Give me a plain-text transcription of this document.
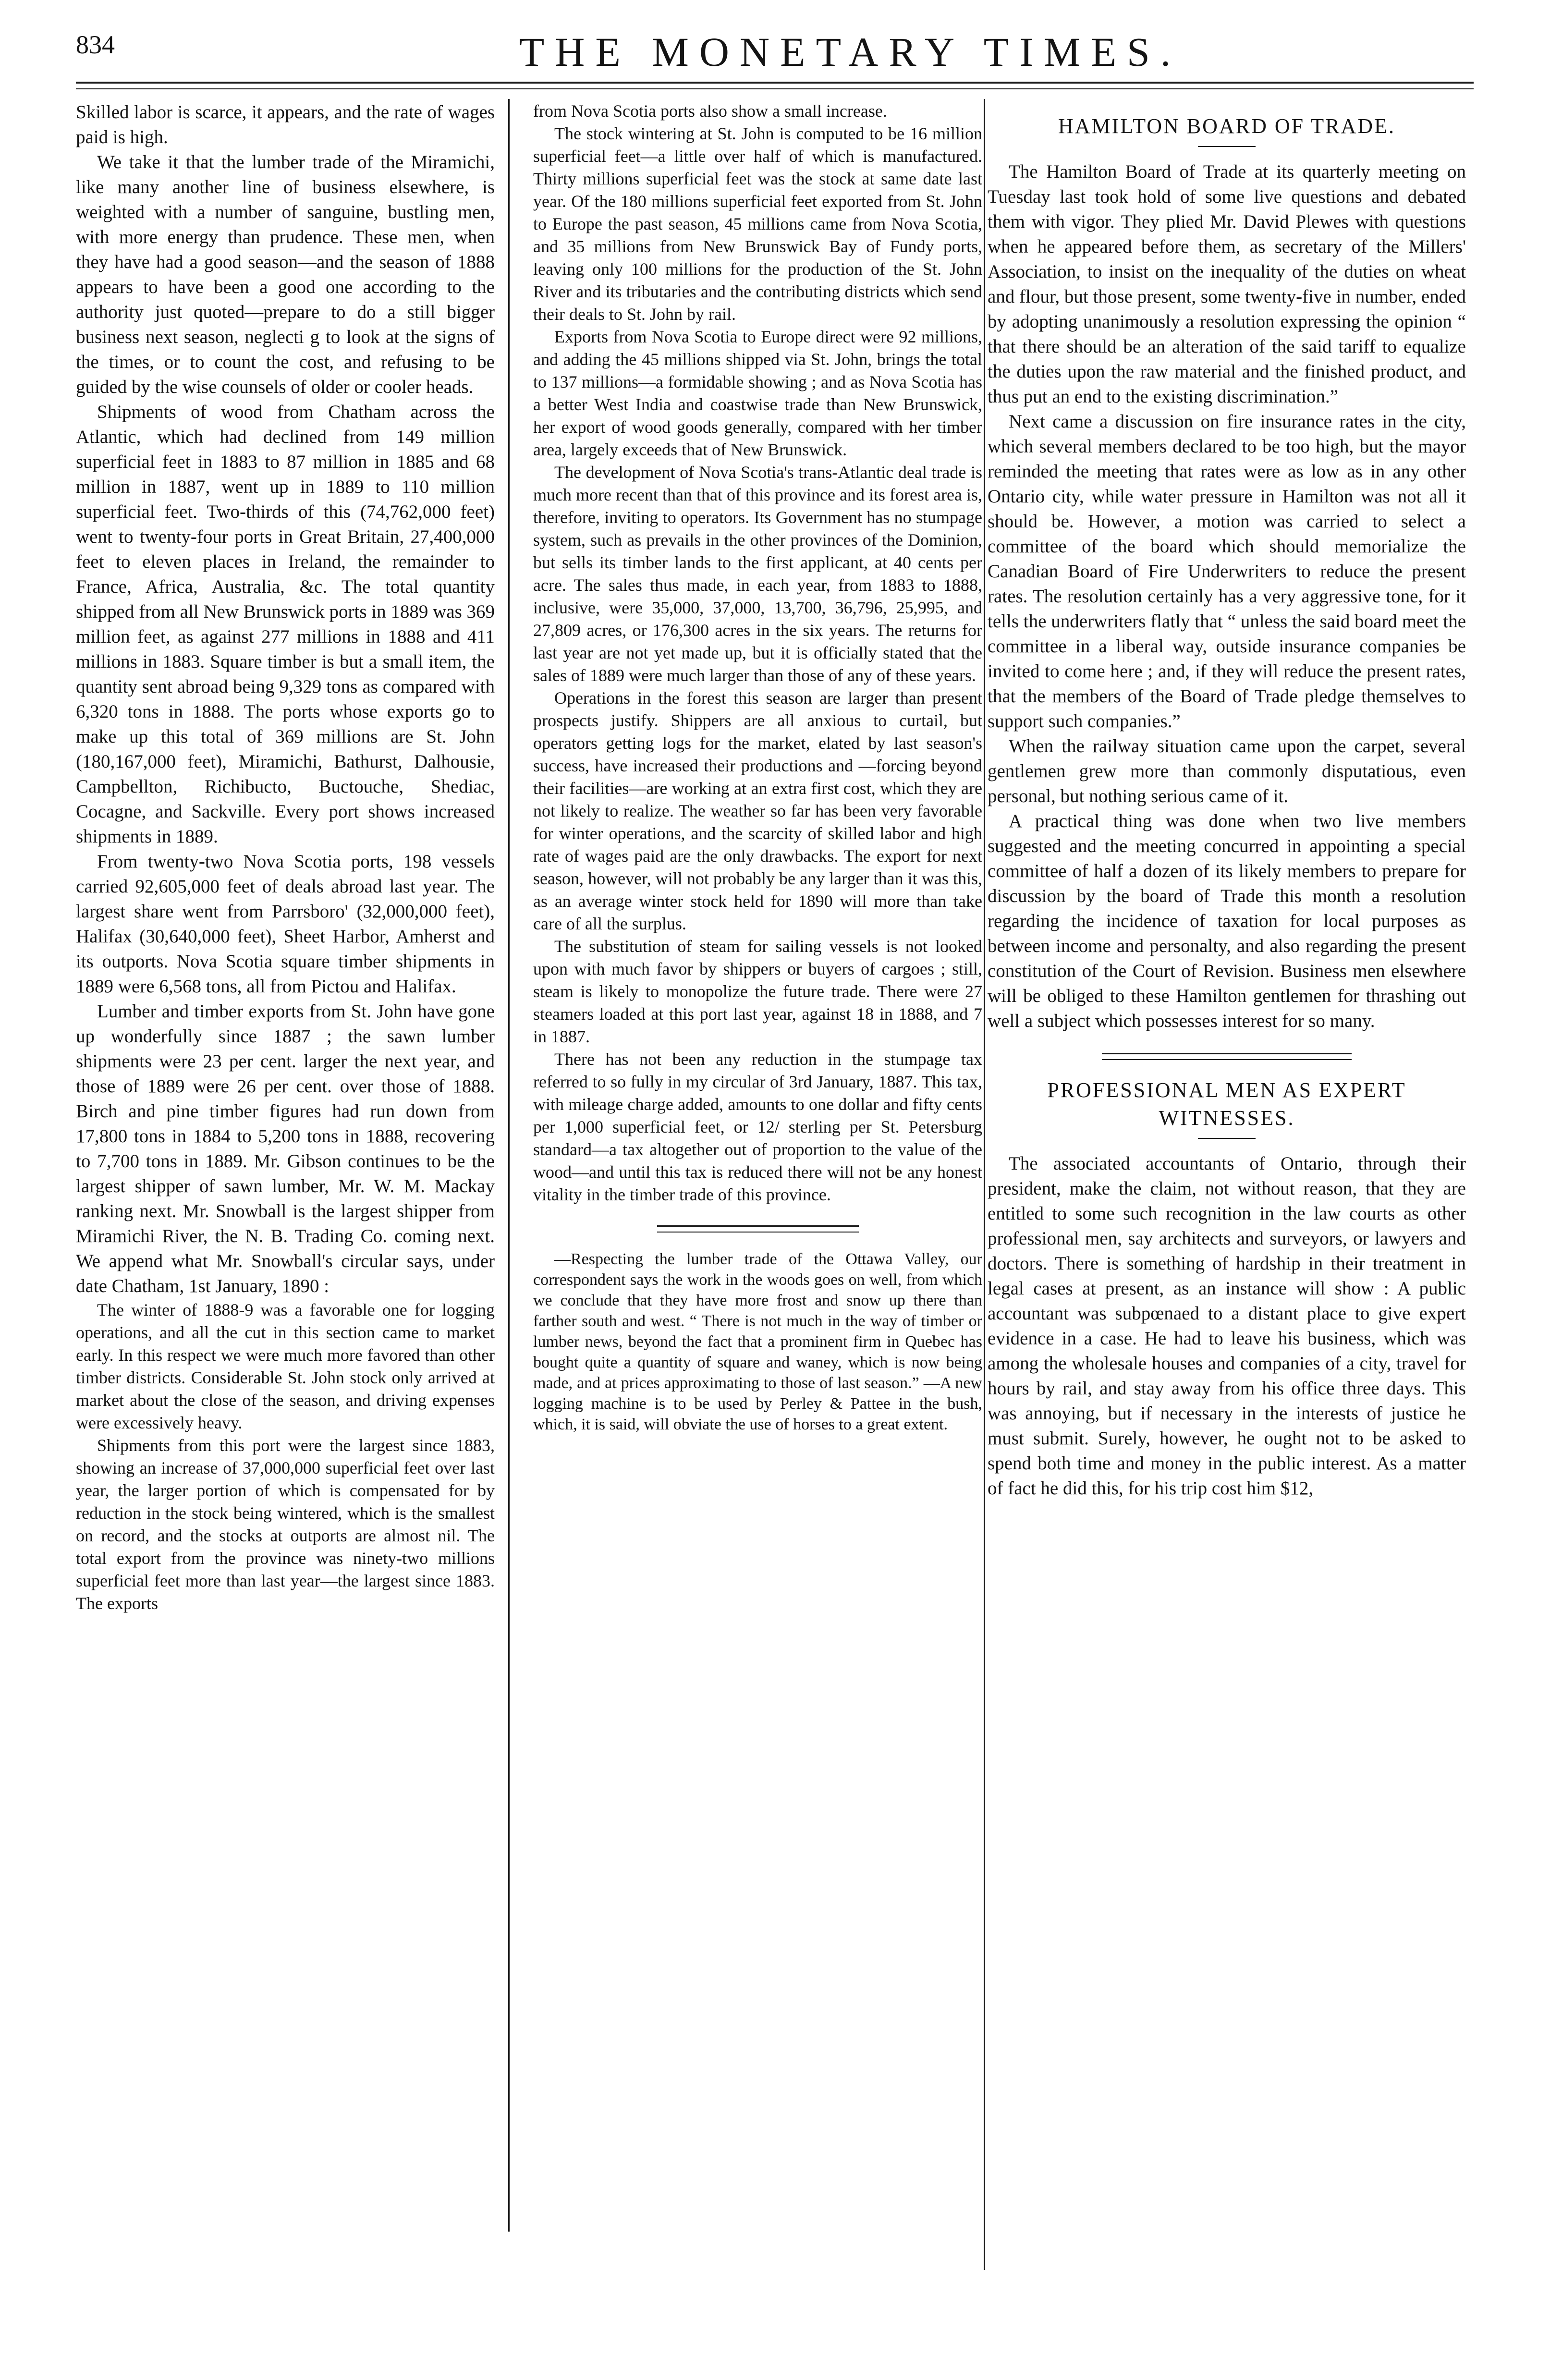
834	THE MONETARY TIMES.

Skilled labor is scarce, it appears, and the rate of wages paid is high.

We take it that the lumber trade of the Miramichi, like many another line of business elsewhere, is weighted with a number of sanguine, bustling men, with more energy than prudence. These men, when they have had a good season—and the season of 1888 appears to have been a good one according to the authority just quoted—prepare to do a still bigger business next season, neglecti g to look at the signs of the times, or to count the cost, and refusing to be guided by the wise counsels of older or cooler heads.

Shipments of wood from Chatham across the Atlantic, which had declined from 149 million superficial feet in 1883 to 87 million in 1885 and 68 million in 1887, went up in 1889 to 110 million superficial feet. Two-thirds of this (74,762,000 feet) went to twenty-four ports in Great Britain, 27,400,000 feet to eleven places in Ireland, the remainder to France, Africa, Australia, &c. The total quantity shipped from all New Brunswick ports in 1889 was 369 million feet, as against 277 millions in 1888 and 411 millions in 1883. Square timber is but a small item, the quantity sent abroad being 9,329 tons as compared with 6,320 tons in 1888. The ports whose exports go to make up this total of 369 millions are St. John (180,167,000 feet), Miramichi, Bathurst, Dalhousie, Campbellton, Richibucto, Buctouche, Shediac, Cocagne, and Sackville. Every port shows increased shipments in 1889.

From twenty-two Nova Scotia ports, 198 vessels carried 92,605,000 feet of deals abroad last year. The largest share went from Parrsboro' (32,000,000 feet), Halifax (30,640,000 feet), Sheet Harbor, Amherst and its outports. Nova Scotia square timber shipments in 1889 were 6,568 tons, all from Pictou and Halifax.

Lumber and timber exports from St. John have gone up wonderfully since 1887 ; the sawn lumber shipments were 23 per cent. larger the next year, and those of 1889 were 26 per cent. over those of 1888. Birch and pine timber figures had run down from 17,800 tons in 1884 to 5,200 tons in 1888, recovering to 7,700 tons in 1889. Mr. Gibson continues to be the largest shipper of sawn lumber, Mr. W. M. Mackay ranking next. Mr. Snowball is the largest shipper from Miramichi River, the N. B. Trading Co. coming next. We append what Mr. Snowball's circular says, under date Chatham, 1st January, 1890 :

The winter of 1888-9 was a favorable one for logging operations, and all the cut in this section came to market early. In this respect we were much more favored than other timber districts. Considerable St. John stock only arrived at market about the close of the season, and driving expenses were excessively heavy.

Shipments from this port were the largest since 1883, showing an increase of 37,000,000 superficial feet over last year, the larger portion of which is compensated for by reduction in the stock being wintered, which is the smallest on record, and the stocks at outports are almost nil. The total export from the province was ninety-two millions superficial feet more than last year—the largest since 1883. The exports

from Nova Scotia ports also show a small increase.

The stock wintering at St. John is computed to be 16 million superficial feet—a little over half of which is manufactured. Thirty millions superficial feet was the stock at same date last year. Of the 180 millions superficial feet exported from St. John to Europe the past season, 45 millions came from Nova Scotia, and 35 millions from New Brunswick Bay of Fundy ports, leaving only 100 millions for the production of the St. John River and its tributaries and the contributing districts which send their deals to St. John by rail.

Exports from Nova Scotia to Europe direct were 92 millions, and adding the 45 millions shipped via St. John, brings the total to 137 millions—a formidable showing ; and as Nova Scotia has a better West India and coastwise trade than New Brunswick, her export of wood goods generally, compared with her timber area, largely exceeds that of New Brunswick.

The development of Nova Scotia's trans-Atlantic deal trade is much more recent than that of this province and its forest area is, therefore, inviting to operators. Its Government has no stumpage system, such as prevails in the other provinces of the Dominion, but sells its timber lands to the first applicant, at 40 cents per acre. The sales thus made, in each year, from 1883 to 1888, inclusive, were 35,000, 37,000, 13,700, 36,796, 25,995, and 27,809 acres, or 176,300 acres in the six years. The returns for last year are not yet made up, but it is officially stated that the sales of 1889 were much larger than those of any of these years.

Operations in the forest this season are larger than present prospects justify. Shippers are all anxious to curtail, but operators getting logs for the market, elated by last season's success, have increased their productions and —forcing beyond their facilities—are working at an extra first cost, which they are not likely to realize. The weather so far has been very favorable for winter operations, and the scarcity of skilled labor and high rate of wages paid are the only drawbacks. The export for next season, however, will not probably be any larger than it was this, as an average winter stock held for 1890 will more than take care of all the surplus.

The substitution of steam for sailing vessels is not looked upon with much favor by shippers or buyers of cargoes ; still, steam is likely to monopolize the future trade. There were 27 steamers loaded at this port last year, against 18 in 1888, and 7 in 1887.

There has not been any reduction in the stumpage tax referred to so fully in my circular of 3rd January, 1887. This tax, with mileage charge added, amounts to one dollar and fifty cents per 1,000 superficial feet, or 12/ sterling per St. Petersburg standard—a tax altogether out of proportion to the value of the wood—and until this tax is reduced there will not be any honest vitality in the timber trade of this province.

—Respecting the lumber trade of the Ottawa Valley, our correspondent says the work in the woods goes on well, from which we conclude that they have more frost and snow up there than farther south and west. “ There is not much in the way of timber or lumber news, beyond the fact that a prominent firm in Quebec has bought quite a quantity of square and waney, which is now being made, and at prices approximating to those of last season.” —A new logging machine is to be used by Perley & Pattee in the bush, which, it is said, will obviate the use of horses to a great extent.

HAMILTON BOARD OF TRADE.

The Hamilton Board of Trade at its quarterly meeting on Tuesday last took hold of some live questions and debated them with vigor. They plied Mr. David Plewes with questions when he appeared before them, as secretary of the Millers' Association, to insist on the inequality of the duties on wheat and flour, but those present, some twenty-five in number, ended by adopting unanimously a resolution expressing the opinion “ that there should be an alteration of the said tariff to equalize the duties upon the raw material and the finished product, and thus put an end to the existing discrimination.”

Next came a discussion on fire insurance rates in the city, which several members declared to be too high, but the mayor reminded the meeting that rates were as low as in any other Ontario city, while water pressure in Hamilton was not all it should be. However, a motion was carried to select a committee of the board which should memorialize the Canadian Board of Fire Underwriters to reduce the present rates. The resolution certainly has a very aggressive tone, for it tells the underwriters flatly that “ unless the said board meet the committee in a liberal way, outside insurance companies be invited to come here ; and, if they will reduce the present rates, that the members of the Board of Trade pledge themselves to support such companies.”

When the railway situation came upon the carpet, several gentlemen grew more than commonly disputatious, even personal, but nothing serious came of it.

A practical thing was done when two live members suggested and the meeting concurred in appointing a special committee of half a dozen of its likely members to prepare for discussion by the board of Trade this month a resolution regarding the incidence of taxation for local purposes as between income and personalty, and also regarding the present constitution of the Court of Revision. Business men elsewhere will be obliged to these Hamilton gentlemen for thrashing out well a subject which possesses interest for so many.

PROFESSIONAL MEN AS EXPERT WITNESSES.

The associated accountants of Ontario, through their president, make the claim, not without reason, that they are entitled to some such recognition in the law courts as other professional men, say architects and surveyors, or lawyers and doctors. There is something of hardship in their treatment in legal cases at present, as an instance will show : A public accountant was subpœnaed to a distant place to give expert evidence in a case. He had to leave his business, which was among the wholesale houses and companies of a city, travel for hours by rail, and stay away from his office three days. This was annoying, but if necessary in the interests of justice he must submit. Surely, however, he ought not to be asked to spend both time and money in the public interest. As a matter of fact he did this, for his trip cost him $12,
